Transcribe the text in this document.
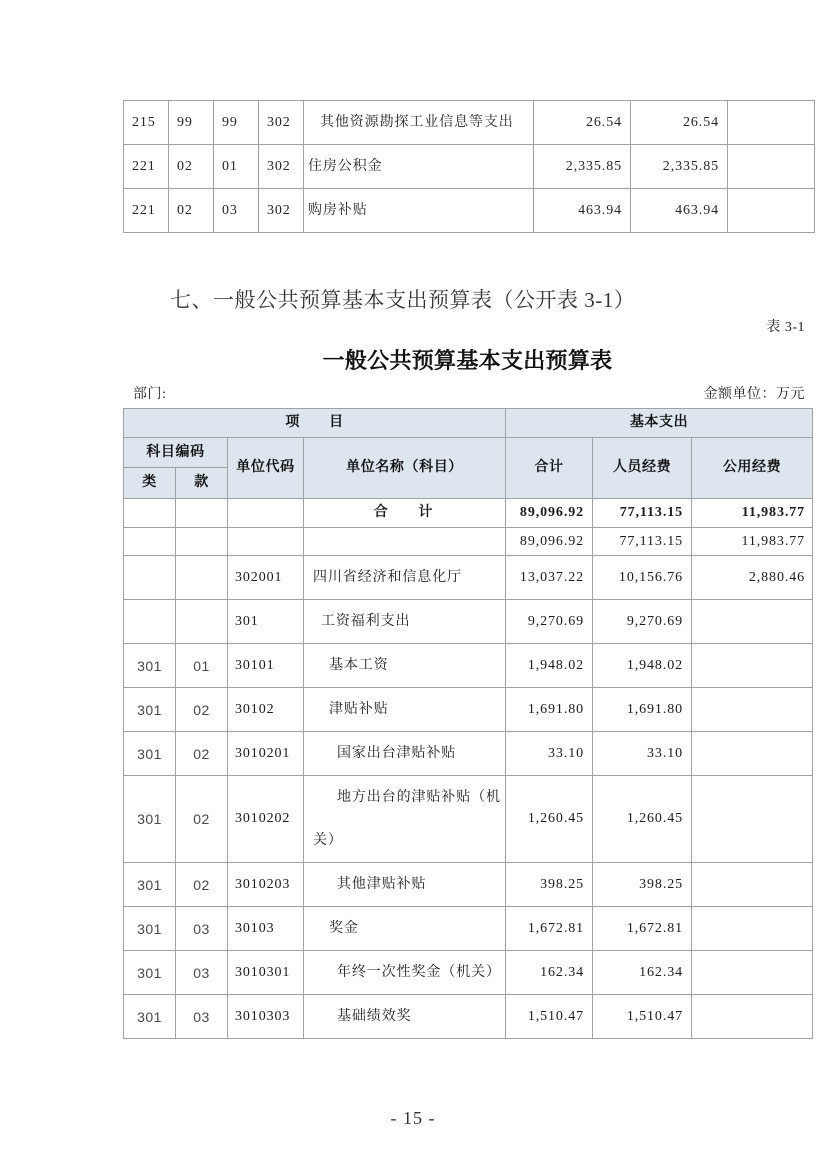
215	99	99	302	其他资源勘探工业信息等支出	26.54	26.54	
221	02	01	302	住房公积金	2,335.85	2,335.85	
221	02	03	302	购房补贴	463.94	463.94	
七、一般公共预算基本支出预算表（公开表 3-1）
表 3-1
一般公共预算基本支出预算表
部门:	金额单位：万元
项　　目				基本支出		
科目编码		单位代码	单位名称（科目）	合计	人员经费	公用经费
类	款					
			合　　计	89,096.92	77,113.15	11,983.77
				89,096.92	77,113.15	11,983.77
		302001	四川省经济和信息化厅	13,037.22	10,156.76	2,880.46
		301	工资福利支出	9,270.69	9,270.69	
301	01	30101	基本工资	1,948.02	1,948.02	
301	02	30102	津贴补贴	1,691.80	1,691.80	
301	02	3010201	国家出台津贴补贴	33.10	33.10	
301	02	3010202	地方出台的津贴补贴（机关）	1,260.45	1,260.45	
301	02	3010203	其他津贴补贴	398.25	398.25	
301	03	30103	奖金	1,672.81	1,672.81	
301	03	3010301	年终一次性奖金（机关）	162.34	162.34	
301	03	3010303	基础绩效奖	1,510.47	1,510.47	
- 15 -
